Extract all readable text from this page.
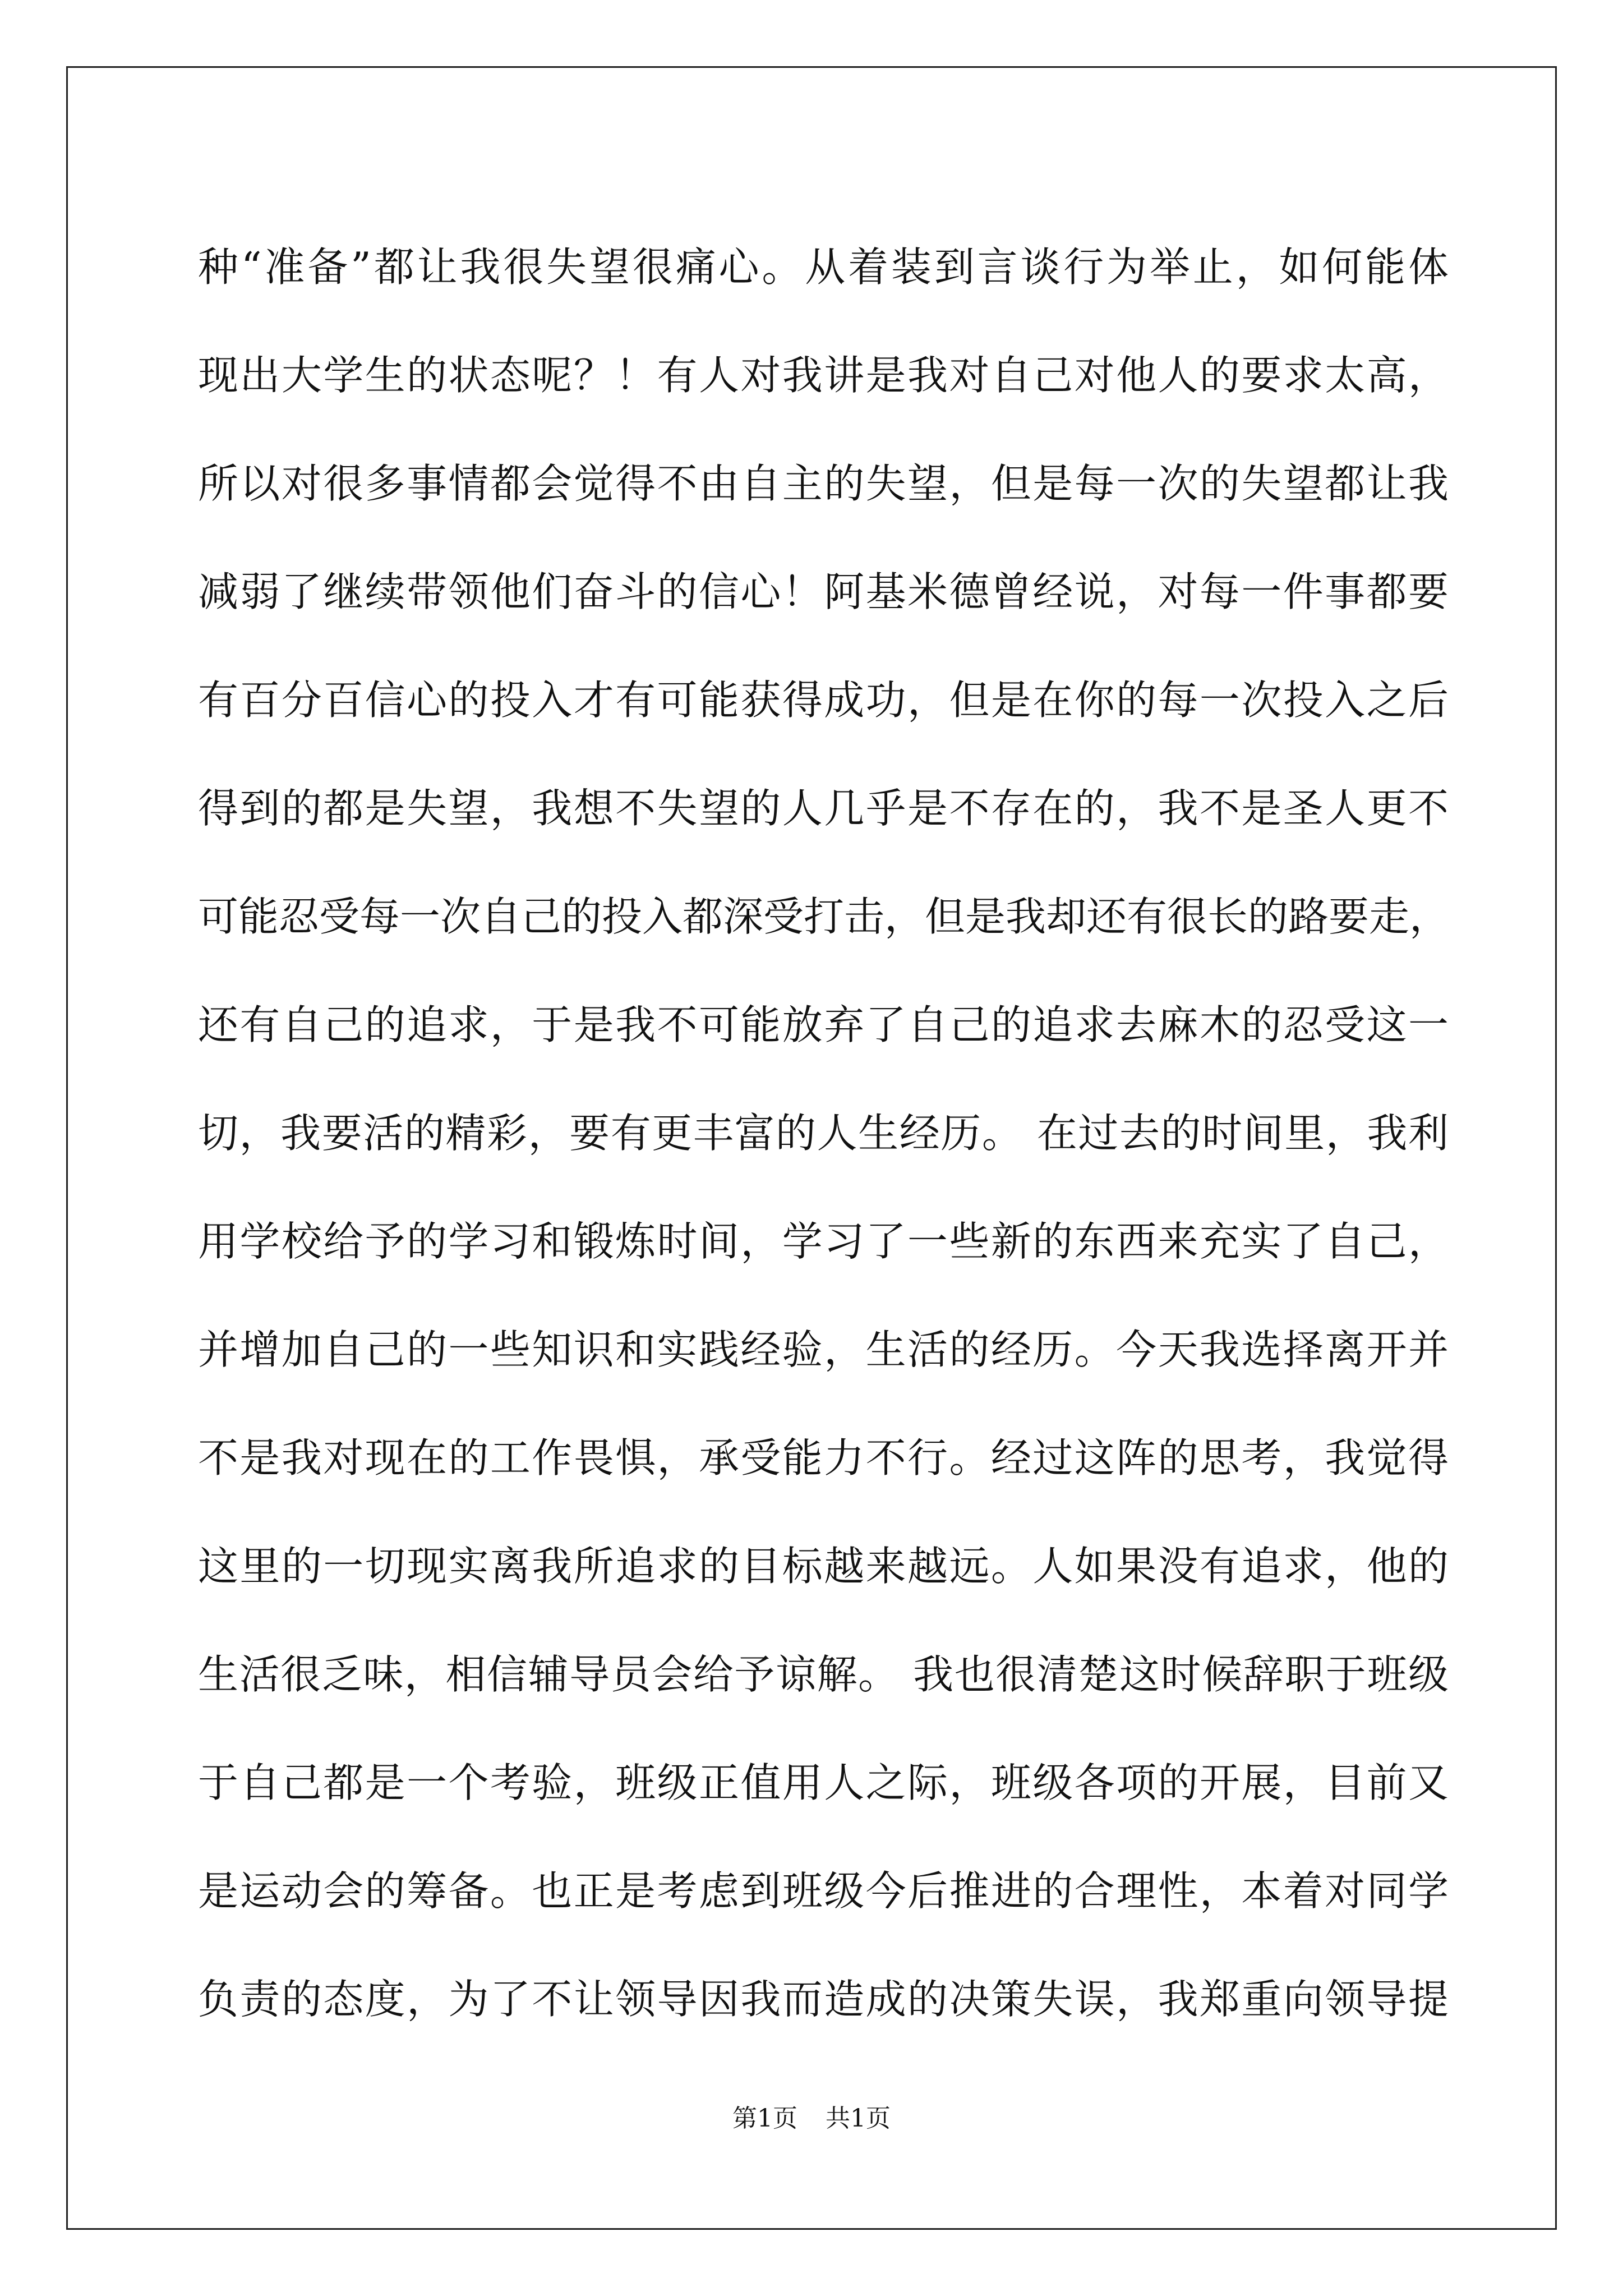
种“准备”都让我很失望很痛心。从着装到言谈行为举止，如何能体
现出大学生的状态呢？！有人对我讲是我对自己对他人的要求太高，
所以对很多事情都会觉得不由自主的失望，但是每一次的失望都让我
减弱了继续带领他们奋斗的信心！阿基米德曾经说，对每一件事都要
有百分百信心的投入才有可能获得成功，但是在你的每一次投入之后
得到的都是失望，我想不失望的人几乎是不存在的，我不是圣人更不
可能忍受每一次自己的投入都深受打击，但是我却还有很长的路要走，
还有自己的追求，于是我不可能放弃了自己的追求去麻木的忍受这一
切，我要活的精彩，要有更丰富的人生经历。 在过去的时间里，我利
用学校给予的学习和锻炼时间，学习了一些新的东西来充实了自己，
并增加自己的一些知识和实践经验，生活的经历。今天我选择离开并
不是我对现在的工作畏惧，承受能力不行。经过这阵的思考，我觉得
这里的一切现实离我所追求的目标越来越远。人如果没有追求，他的
生活很乏味，相信辅导员会给予谅解。 我也很清楚这时候辞职于班级
于自己都是一个考验，班级正值用人之际，班级各项的开展，目前又
是运动会的筹备。也正是考虑到班级今后推进的合理性，本着对同学
负责的态度，为了不让领导因我而造成的决策失误，我郑重向领导提
第1页 共1页
